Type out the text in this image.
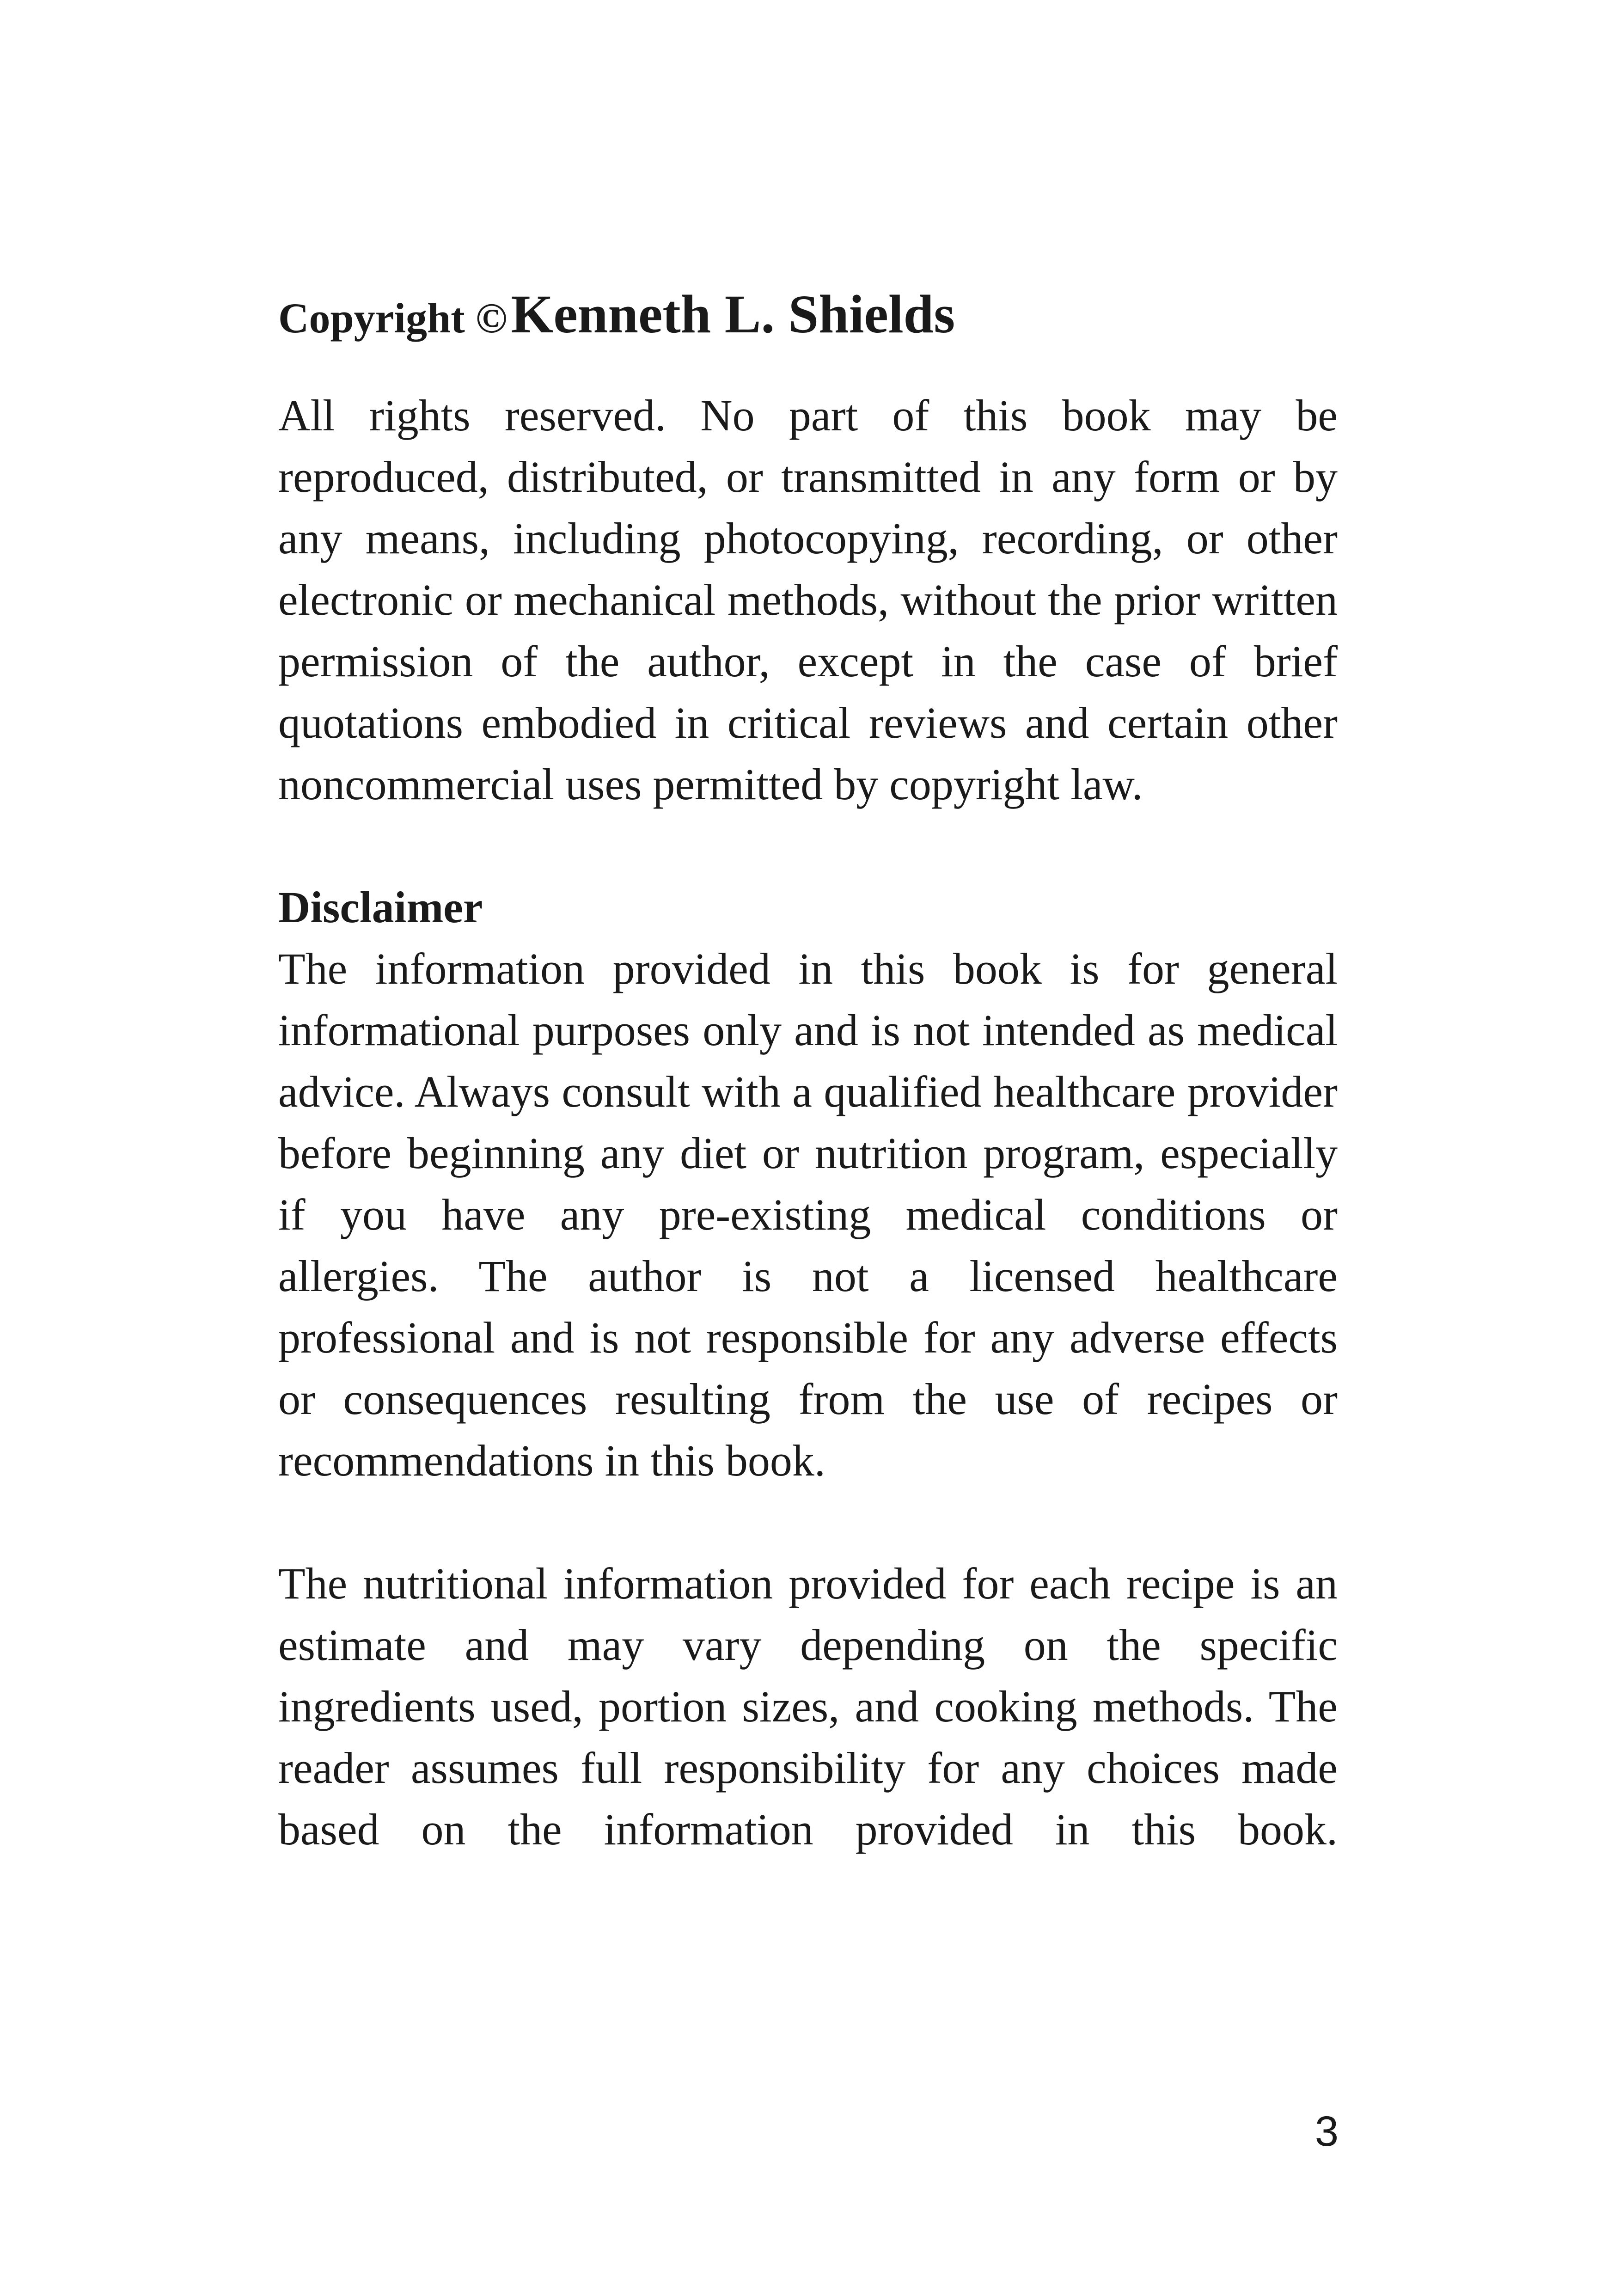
Copyright © Kenneth L. Shields

All rights reserved. No part of this book may be reproduced, distributed, or transmitted in any form or by any means, including photocopying, recording, or other electronic or mechanical methods, without the prior written permission of the author, except in the case of brief quotations embodied in critical reviews and certain other noncommercial uses permitted by copyright law.

Disclaimer

The information provided in this book is for general informational purposes only and is not intended as medical advice. Always consult with a qualified healthcare provider before beginning any diet or nutrition program, especially if you have any pre-existing medical conditions or allergies. The author is not a licensed healthcare professional and is not responsible for any adverse effects or consequences resulting from the use of recipes or recommendations in this book.

The nutritional information provided for each recipe is an estimate and may vary depending on the specific ingredients used, portion sizes, and cooking methods. The reader assumes full responsibility for any choices made based on the information provided in this book.

3
